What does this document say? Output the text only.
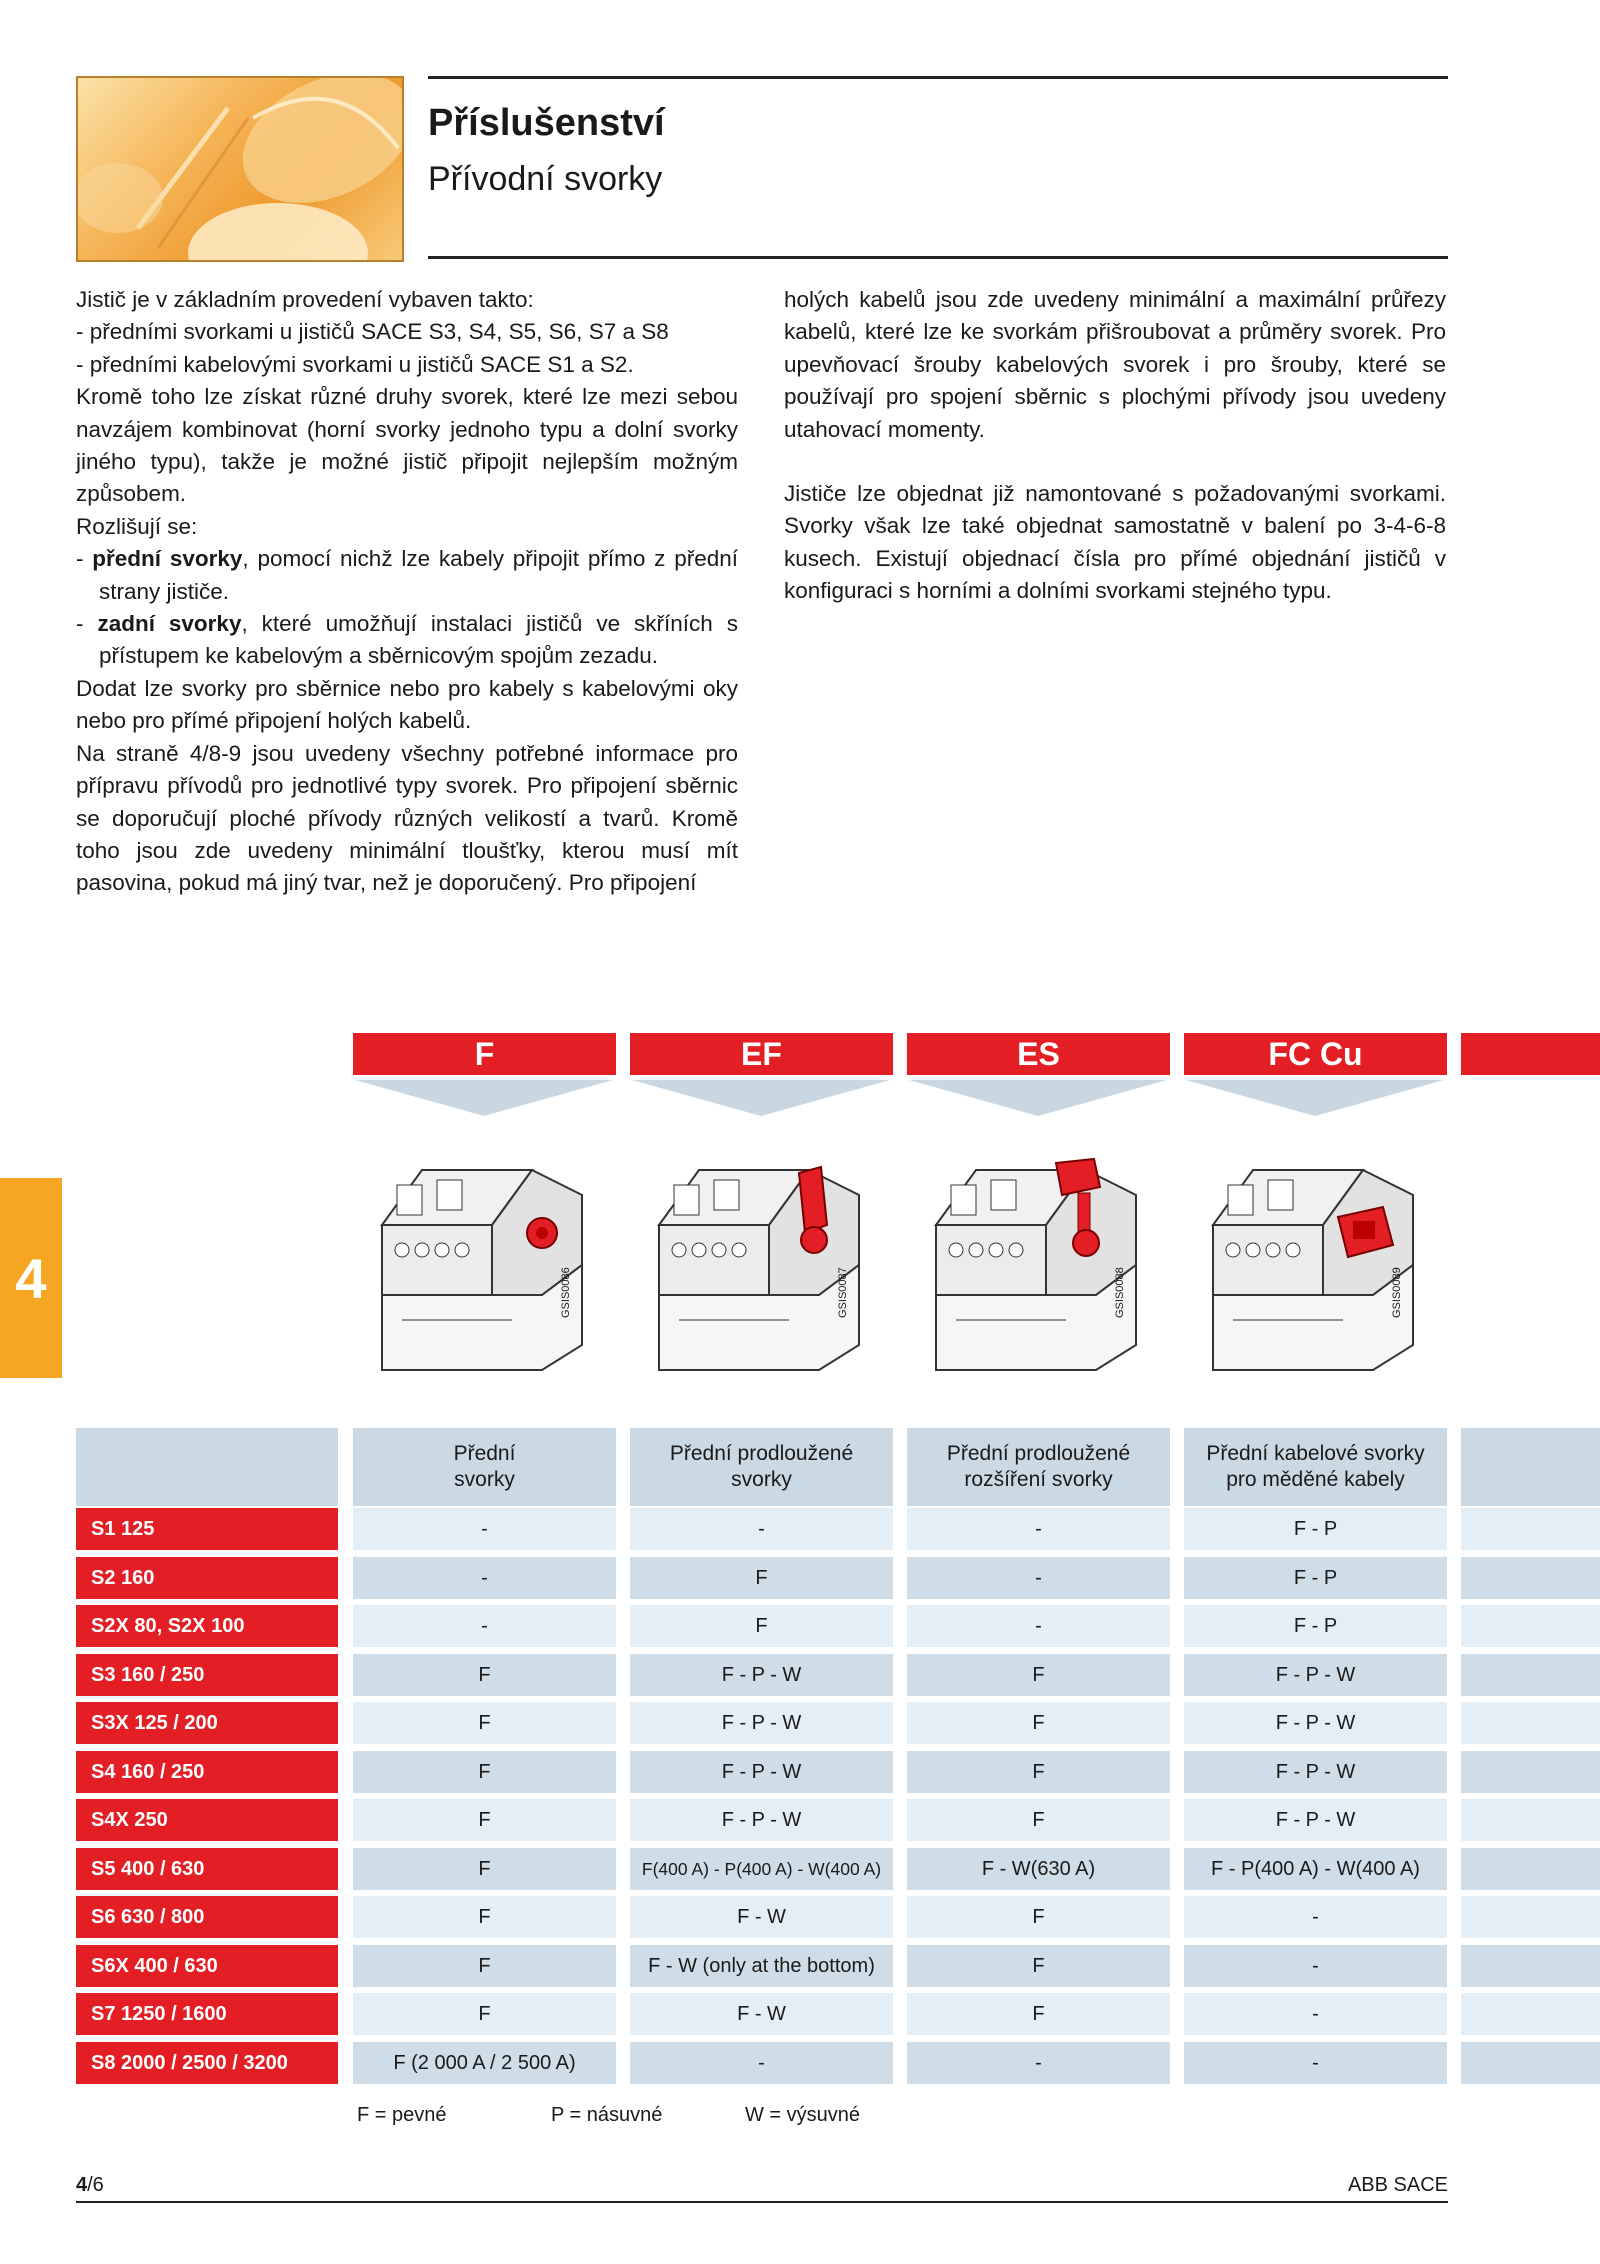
Příslušenství
Přívodní svorky

Jistič je v základním provedení vybaven takto:

- předními svorkami u jističů SACE S3, S4, S5, S6, S7 a S8

- předními kabelovými svorkami u jističů SACE S1 a S2.

Kromě toho lze získat různé druhy svorek, které lze mezi sebou navzájem kombinovat (horní svorky jednoho typu a dolní svorky jiného typu), takže je možné jistič připojit nejlepším možným způsobem.

Rozlišují se:

- přední svorky, pomocí nichž lze kabely připojit přímo z přední strany jističe.

- zadní svorky, které umožňují instalaci jističů ve skříních s přístupem ke kabelovým a sběrnicovým spojům zezadu.

Dodat lze svorky pro sběrnice nebo pro kabely s kabelovými oky nebo pro přímé připojení holých kabelů.

Na straně 4/8-9 jsou uvedeny všechny potřebné informace pro přípravu přívodů pro jednotlivé typy svorek. Pro připojení sběrnic se doporučují ploché přívody různých velikostí a tvarů. Kromě toho jsou zde uvedeny minimální tloušťky, kterou musí mít pasovina, pokud má jiný tvar, než je doporučený. Pro připojení

holých kabelů jsou zde uvedeny minimální a maximální průřezy kabelů, které lze ke svorkám přišroubovat a průměry svorek. Pro upevňovací šrouby kabelových svorek i pro šrouby, které se používají pro spojení sběrnic s plochými přívody jsou uvedeny utahovací momenty.

Jističe lze objednat již namontované s požadovanými svorkami. Svorky však lze také objednat samostatně v balení po 3-4-6-8 kusech. Existují objednací čísla pro přímé objednání jističů v konfiguraci s horními a dolními svorkami stejného typu.

4
F	EF	ES	FC Cu
GSIS0086	GSIS0087	GSIS0088	GSIS0089
Přední
svorky
Přední prodloužené
svorky
Přední prodloužené
rozšíření svorky
Přední kabelové svorky
pro měděné kabely
S1 125	-	-	-	F - P
S2 160	-	F	-	F - P
S2X 80, S2X 100	-	F	-	F - P
S3 160 / 250	F	F - P - W	F	F - P - W
S3X 125 / 200	F	F - P - W	F	F - P - W
S4 160 / 250	F	F - P - W	F	F - P - W
S4X 250	F	F - P - W	F	F - P - W
S5 400 / 630	F	F(400 A) - P(400 A) - W(400 A)	F - W(630 A)	F - P(400 A) - W(400 A)
S6 630 / 800	F	F - W	F	-
S6X 400 / 630	F	F - W (only at the bottom)	F	-
S7 1250 / 1600	F	F - W	F	-
S8 2000 / 2500 / 3200	F (2 000 A / 2 500 A)	-	-	-
F = pevné	P = násuvné	W = výsuvné
4/6	ABB SACE
